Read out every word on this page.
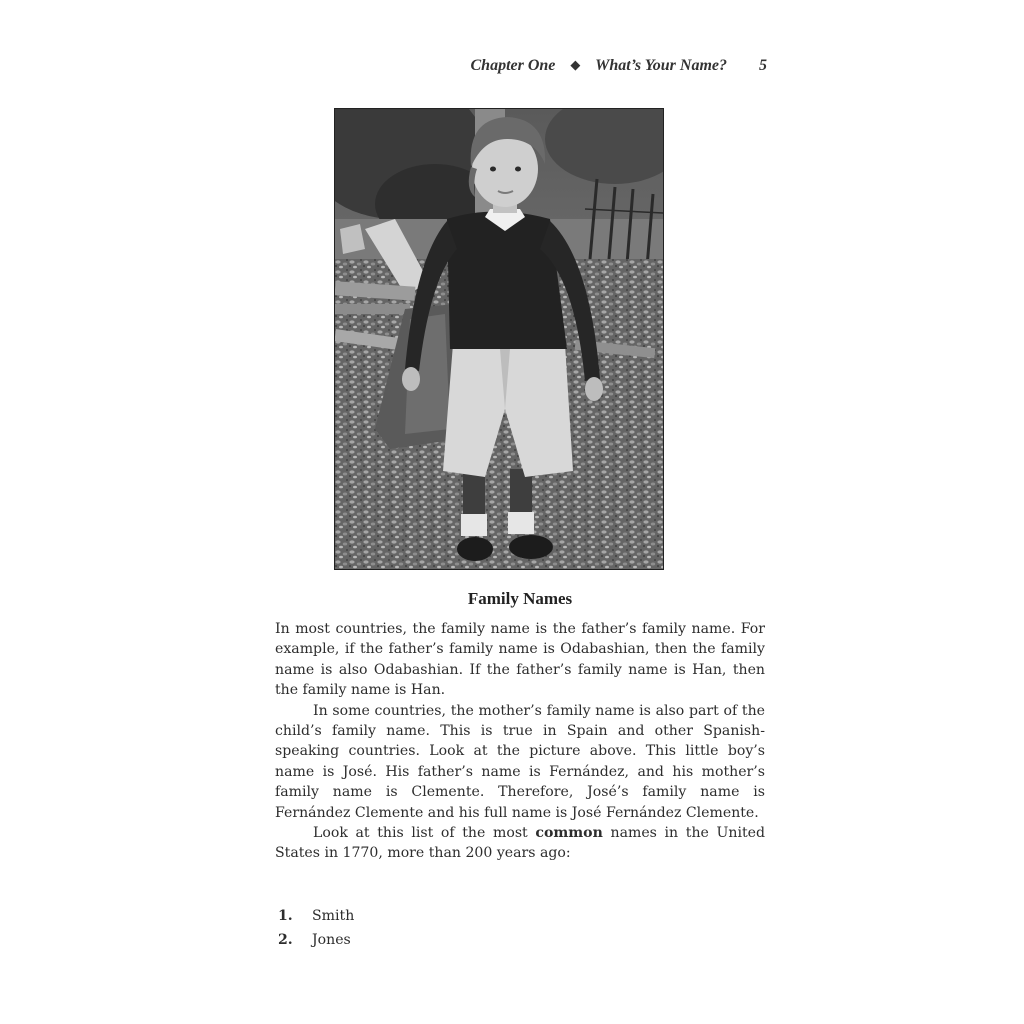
Chapter One ◆ What’s Your Name? 5
Family Names

In most countries, the family name is the father’s family name. For example, if the father’s family name is Odabashian, then the family name is also Odabashian. If the father’s family name is Han, then the family name is Han.

In some countries, the mother’s family name is also part of the child’s family name. This is true in Spain and other Spanish-speaking countries. Look at the picture above. This little boy’s name is José. His father’s name is Fernández, and his mother’s family name is Clemente. Therefore, José’s family name is Fernández Clemente and his full name is José Fernández Clemente.

Look at this list of the most common names in the United States in 1770, more than 200 years ago:

1.	Smith
2.	Jones
